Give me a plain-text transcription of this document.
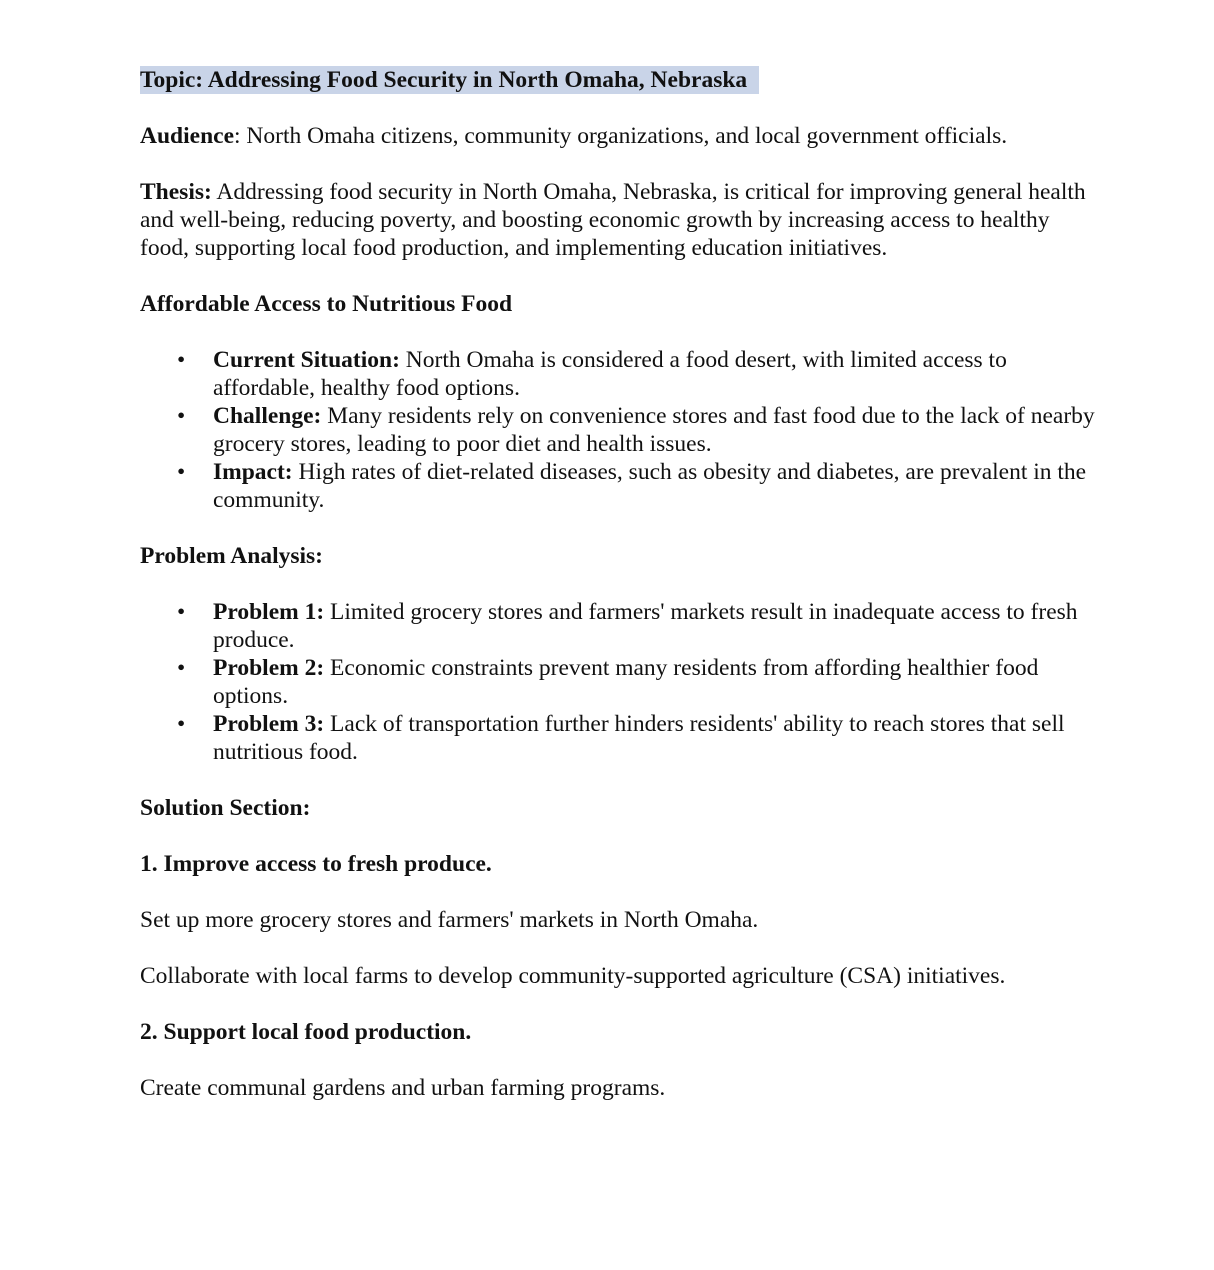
Topic: Addressing Food Security in North Omaha, Nebraska

Audience: North Omaha citizens, community organizations, and local government officials.

Thesis: Addressing food security in North Omaha, Nebraska, is critical for improving general health and well-being, reducing poverty, and boosting economic growth by increasing access to healthy food, supporting local food production, and implementing education initiatives.

Affordable Access to Nutritious Food

• Current Situation: North Omaha is considered a food desert, with limited access to affordable, healthy food options.
• Challenge: Many residents rely on convenience stores and fast food due to the lack of nearby grocery stores, leading to poor diet and health issues.
• Impact: High rates of diet-related diseases, such as obesity and diabetes, are prevalent in the community.

Problem Analysis:

• Problem 1: Limited grocery stores and farmers' markets result in inadequate access to fresh produce.
• Problem 2: Economic constraints prevent many residents from affording healthier food options.
• Problem 3: Lack of transportation further hinders residents' ability to reach stores that sell nutritious food.

Solution Section:

1. Improve access to fresh produce.

Set up more grocery stores and farmers' markets in North Omaha.

Collaborate with local farms to develop community-supported agriculture (CSA) initiatives.

2. Support local food production.

Create communal gardens and urban farming programs.
